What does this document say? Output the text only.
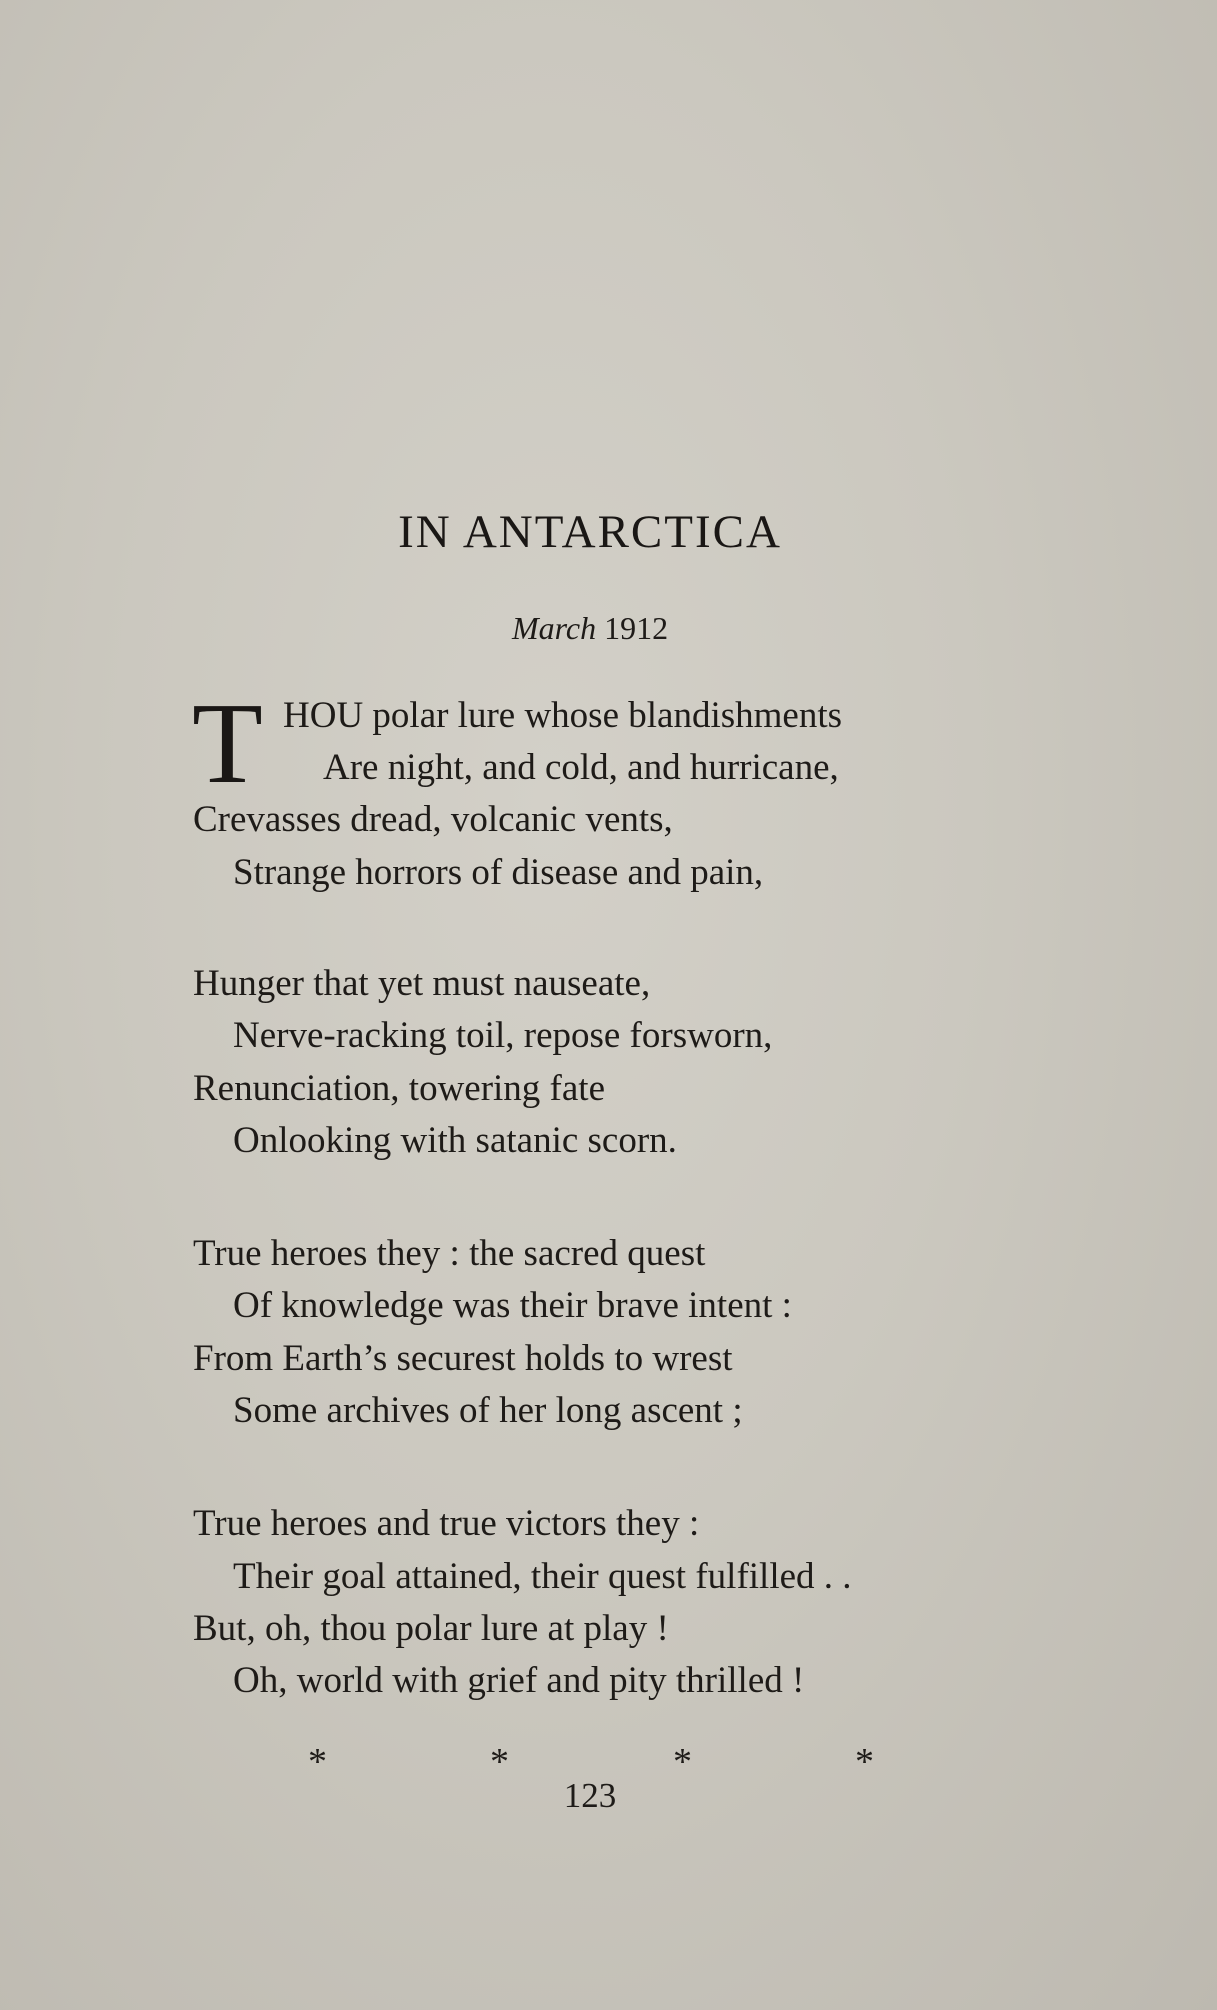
IN ANTARCTICA
March 1912
T HOU polar lure whose blandishments
Are night, and cold, and hurricane,
Crevasses dread, volcanic vents,
Strange horrors of disease and pain,
Hunger that yet must nauseate,
Nerve-racking toil, repose forsworn,
Renunciation, towering fate
Onlooking with satanic scorn.
True heroes they : the sacred quest
Of knowledge was their brave intent :
From Earth’s securest holds to wrest
Some archives of her long ascent ;
True heroes and true victors they :
Their goal attained, their quest fulfilled . .
But, oh, thou polar lure at play !
Oh, world with grief and pity thrilled !
*	*	*	*
123
